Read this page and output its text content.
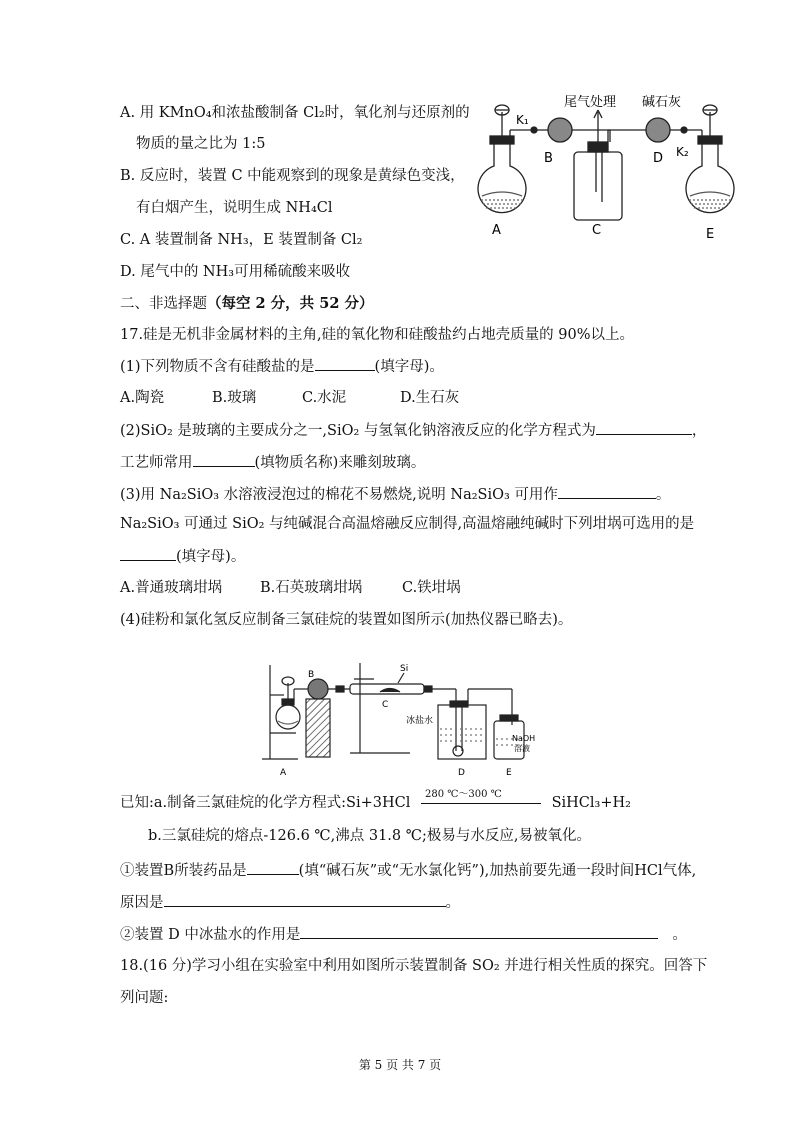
A. 用 KMnO₄和浓盐酸制备 Cl₂时，氧化剂与还原剂的
物质的量之比为 1:5
B. 反应时，装置 C 中能观察到的现象是黄绿色变浅，
有白烟产生，说明生成 NH₄Cl
C. A 装置制备 NH₃，E 装置制备 Cl₂
D. 尾气中的 NH₃可用稀硫酸来吸收
尾气处理 碱石灰
K₁
K₂
A
B
C
D
E
二、非选择题（每空 2 分，共 52 分）
17.硅是无机非金属材料的主角,硅的氧化物和硅酸盐约占地壳质量的 90%以上。
(1)下列物质不含有硅酸盐的是	(填字母)。
A.陶瓷	B.玻璃	C.水泥	D.生石灰
(2)SiO₂ 是玻璃的主要成分之一,SiO₂ 与氢氧化钠溶液反应的化学方程式为	，
工艺师常用	(填物质名称)来雕刻玻璃。
(3)用 Na₂SiO₃ 水溶液浸泡过的棉花不易燃烧,说明 Na₂SiO₃ 可用作	。
Na₂SiO₃ 可通过 SiO₂ 与纯碱混合高温熔融反应制得,高温熔融纯碱时下列坩埚可选用的是
(填字母)。
A.普通玻璃坩埚	B.石英玻璃坩埚	C.铁坩埚
(4)硅粉和氯化氢反应制备三氯硅烷的装置如图所示(加热仪器已略去)。
B
Si
C
冰盐水
NaOH
溶液
A	D	E
已知:a.制备三氯硅烷的化学方程式:Si+3HCl
280 ℃～300 ℃
SiHCl₃+H₂
b.三氯硅烷的熔点-126.6 ℃,沸点 31.8 ℃;极易与水反应,易被氧化。
①装置B所装药品是	(填“碱石灰”或“无水氯化钙”),加热前要先通一段时间HCl气体,
原因是	。
②装置 D 中冰盐水的作用是	。
18.(16 分)学习小组在实验室中利用如图所示装置制备 SO₂ 并进行相关性质的探究。回答下
列问题:
第 5 页 共 7 页
